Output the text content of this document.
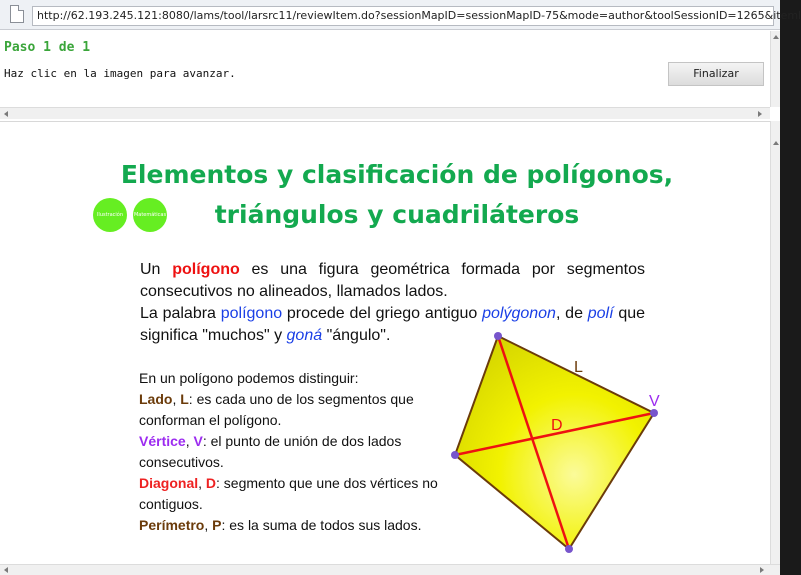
http://62.193.245.121:8080/lams/tool/larsrc11/reviewItem.do?sessionMapID=sessionMapID-75&mode=author&toolSessionID=1265&iteml
Paso 1 de 1
Haz clic en la imagen para avanzar.	Finalizar
Elementos y clasificación de polígonos,
triángulos y cuadriláteros
Ilustración matemáticas
Matemáticas
Un polígono es una figura geométrica formada por segmentos consecutivos no alineados, llamados lados.
La palabra polígono procede del griego antiguo polýgonon, de polí que significa "muchos" y goná "ángulo".
En un polígono podemos distinguir:
Lado, L: es cada uno de los segmentos que conforman el polígono.
Vértice, V: el punto de unión de dos lados consecutivos.
Diagonal, D: segmento que une dos vértices no contiguos.
Perímetro, P: es la suma de todos sus lados.
L
V
D
